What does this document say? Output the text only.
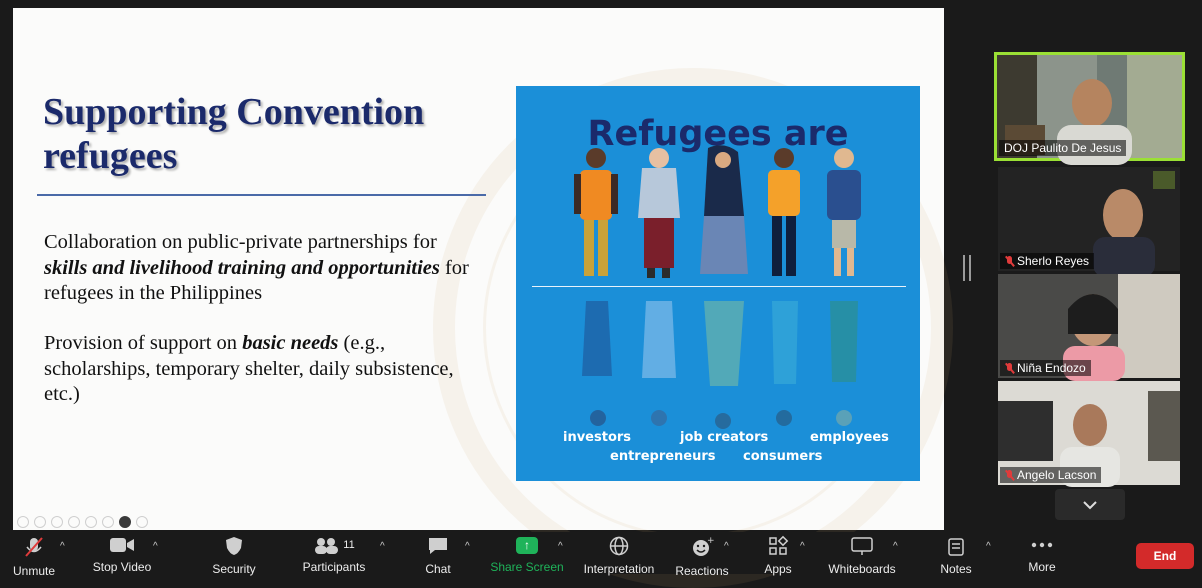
Supporting Convention refugees
Collaboration on public-private partnerships for skills and livelihood training and opportunities for refugees in the Philippines
Provision of support on basic needs (e.g., scholarships, temporary shelter, daily subsistence, etc.)
Refugees are
investors	job creators	employees
entrepreneurs consumers
DOJ Paulito De Jesus
Sherlo Reyes
Niña Endozo
Angelo Lacson
Unmute
^
Stop Video
^
Security
11
Participants
^
Chat
^	↑
Share Screen
^
Interpretation
+
Reactions
^
Apps
^
Whiteboards
^
Notes
^
More
End
